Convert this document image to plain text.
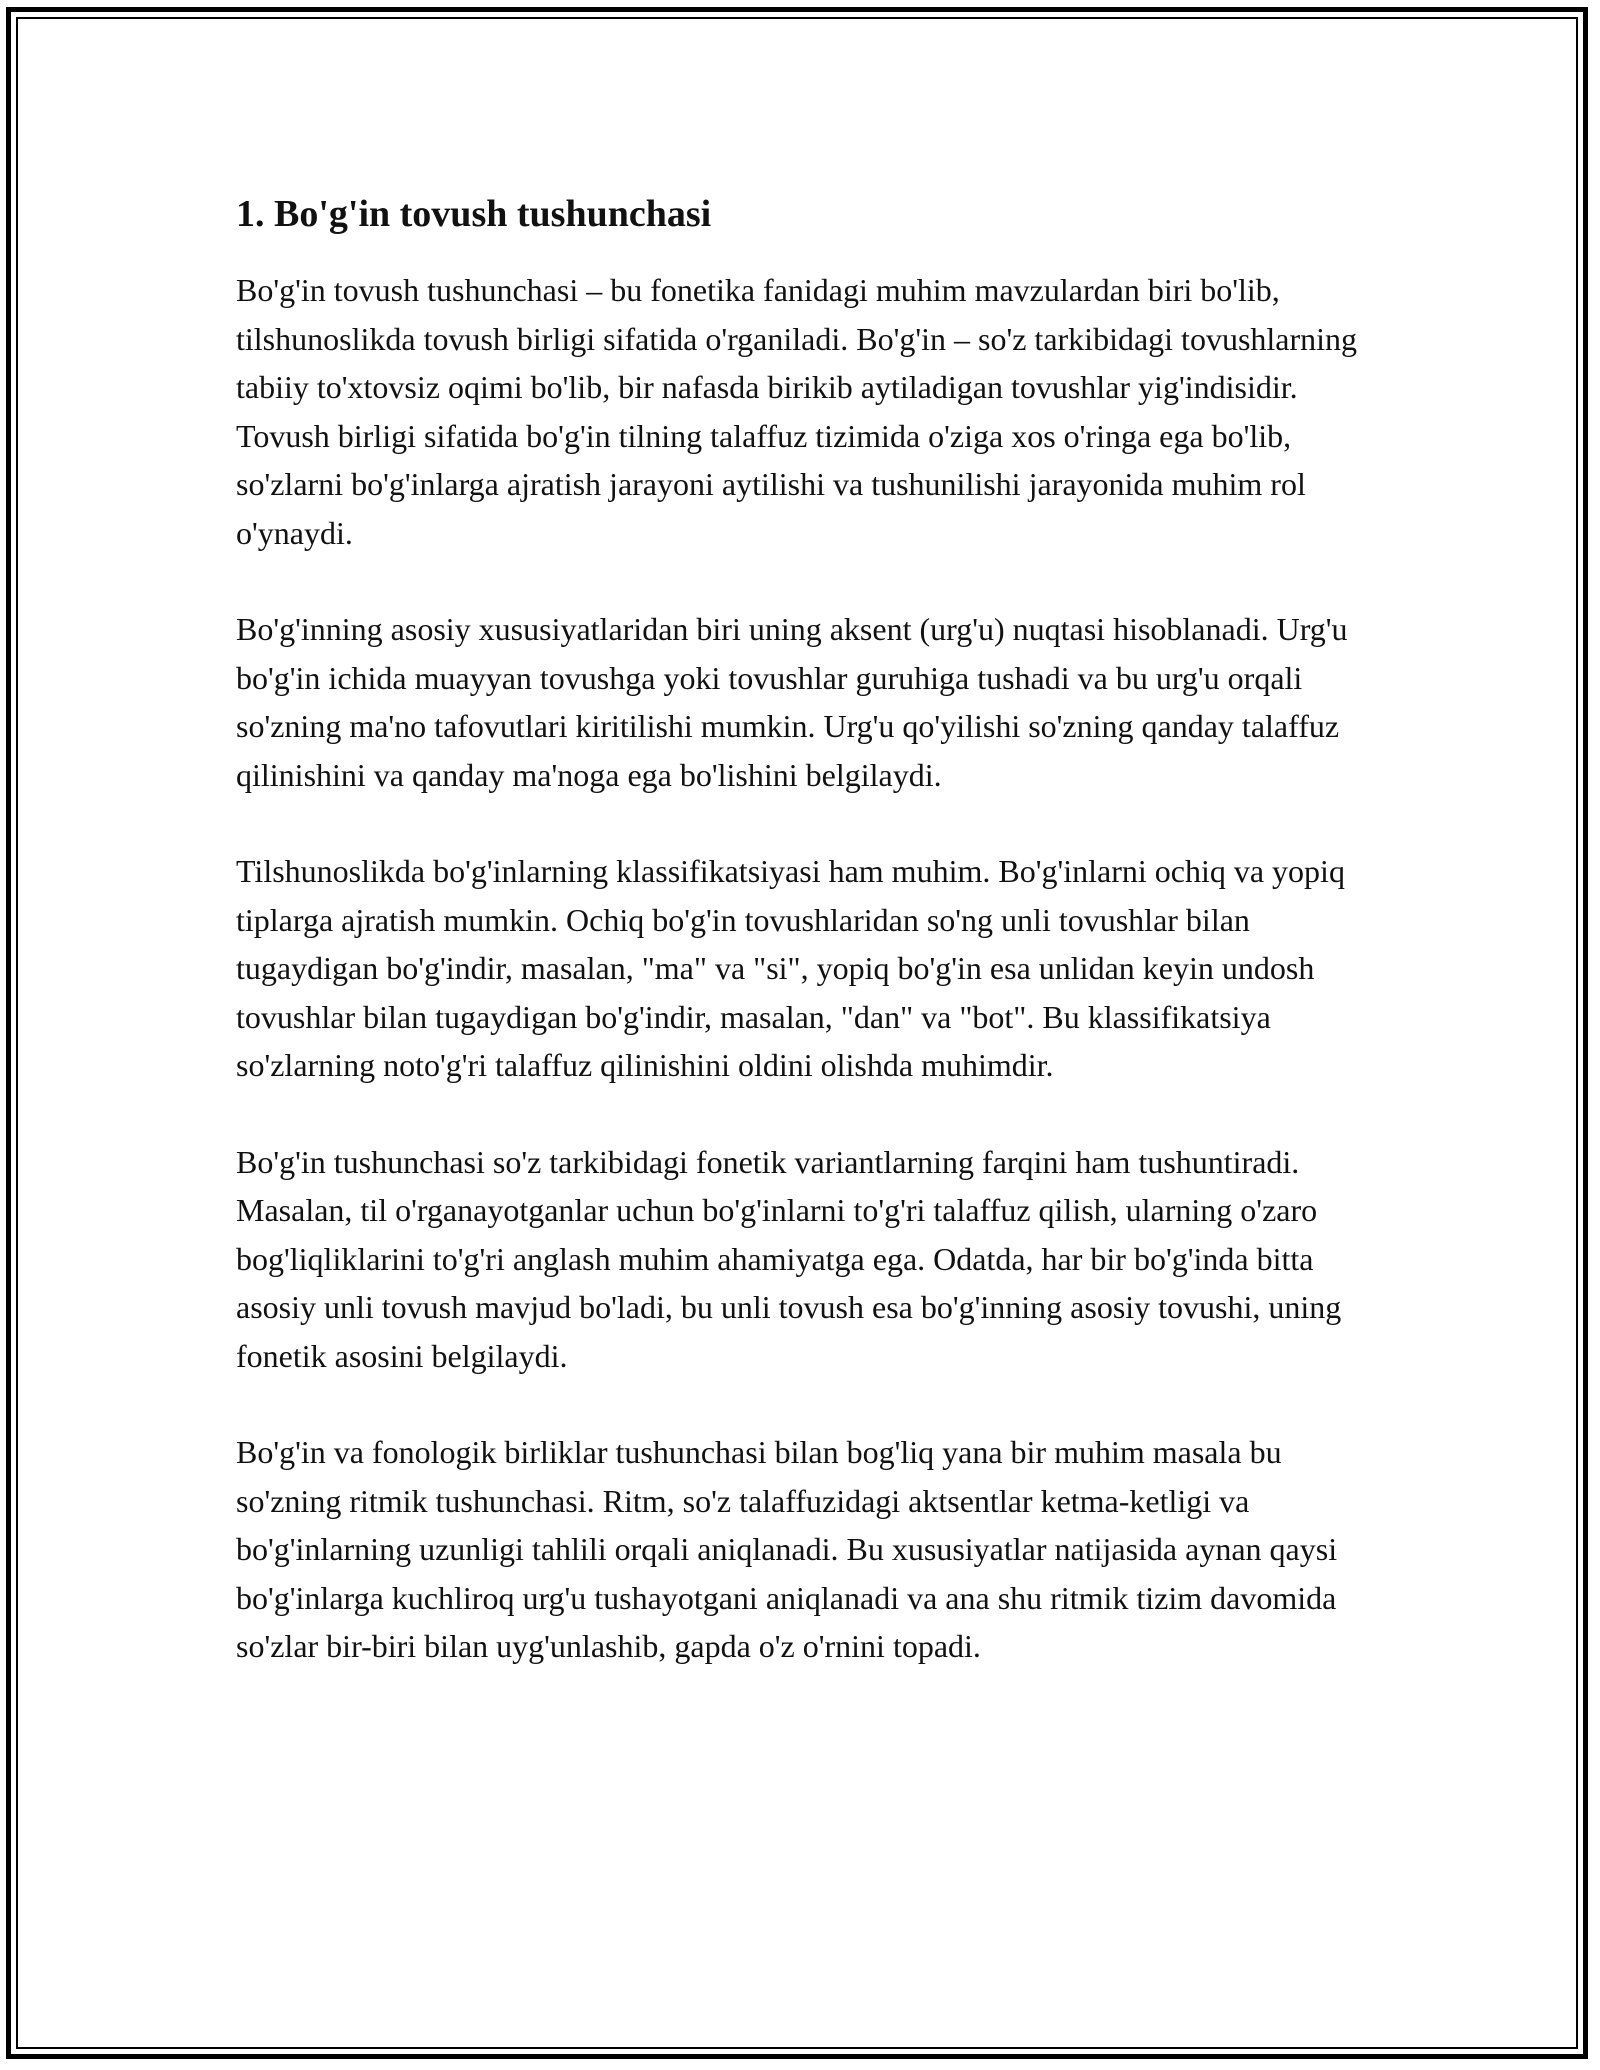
1. Bo'g'in tovush tushunchasi

Bo'g'in tovush tushunchasi – bu fonetika fanidagi muhim mavzulardan biri bo'lib, tilshunoslikda tovush birligi sifatida o'rganiladi. Bo'g'in – so'z tarkibidagi tovushlarning tabiiy to'xtovsiz oqimi bo'lib, bir nafasda birikib aytiladigan tovushlar yig'indisidir. Tovush birligi sifatida bo'g'in tilning talaffuz tizimida o'ziga xos o'ringa ega bo'lib, so'zlarni bo'g'inlarga ajratish jarayoni aytilishi va tushunilishi jarayonida muhim rol o'ynaydi.

Bo'g'inning asosiy xususiyatlaridan biri uning aksent (urg'u) nuqtasi hisoblanadi. Urg'u bo'g'in ichida muayyan tovushga yoki tovushlar guruhiga tushadi va bu urg'u orqali so'zning ma'no tafovutlari kiritilishi mumkin. Urg'u qo'yilishi so'zning qanday talaffuz qilinishini va qanday ma'noga ega bo'lishini belgilaydi.

Tilshunoslikda bo'g'inlarning klassifikatsiyasi ham muhim. Bo'g'inlarni ochiq va yopiq tiplarga ajratish mumkin. Ochiq bo'g'in tovushlaridan so'ng unli tovushlar bilan tugaydigan bo'g'indir, masalan, "ma" va "si", yopiq bo'g'in esa unlidan keyin undosh tovushlar bilan tugaydigan bo'g'indir, masalan, "dan" va "bot". Bu klassifikatsiya so'zlarning noto'g'ri talaffuz qilinishini oldini olishda muhimdir.

Bo'g'in tushunchasi so'z tarkibidagi fonetik variantlarning farqini ham tushuntiradi. Masalan, til o'rganayotganlar uchun bo'g'inlarni to'g'ri talaffuz qilish, ularning o'zaro bog'liqliklarini to'g'ri anglash muhim ahamiyatga ega. Odatda, har bir bo'g'inda bitta asosiy unli tovush mavjud bo'ladi, bu unli tovush esa bo'g'inning asosiy tovushi, uning fonetik asosini belgilaydi.

Bo'g'in va fonologik birliklar tushunchasi bilan bog'liq yana bir muhim masala bu so'zning ritmik tushunchasi. Ritm, so'z talaffuzidagi aktsentlar ketma-ketligi va bo'g'inlarning uzunligi tahlili orqali aniqlanadi. Bu xususiyatlar natijasida aynan qaysi bo'g'inlarga kuchliroq urg'u tushayotgani aniqlanadi va ana shu ritmik tizim davomida so'zlar bir-biri bilan uyg'unlashib, gapda o'z o'rnini topadi.
